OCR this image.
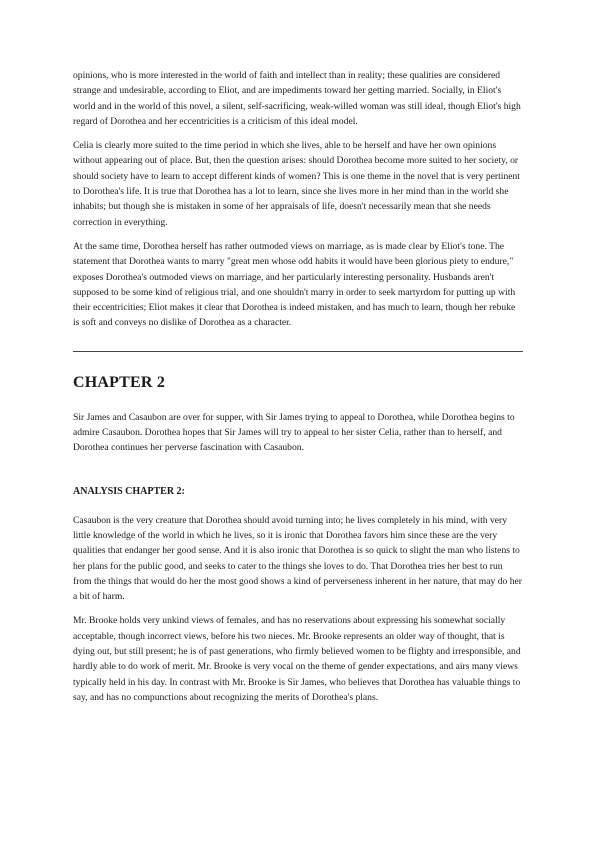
opinions, who is more interested in the world of faith and intellect than in reality; these qualities are considered strange and undesirable, according to Eliot, and are impediments toward her getting married. Socially, in Eliot's world and in the world of this novel, a silent, self-sacrificing, weak-willed woman was still ideal, though Eliot's high regard of Dorothea and her eccentricities is a criticism of this ideal model.

Celia is clearly more suited to the time period in which she lives, able to be herself and have her own opinions without appearing out of place. But, then the question arises: should Dorothea become more suited to her society, or should society have to learn to accept different kinds of women? This is one theme in the novel that is very pertinent to Dorothea's life. It is true that Dorothea has a lot to learn, since she lives more in her mind than in the world she inhabits; but though she is mistaken in some of her appraisals of life, doesn't necessarily mean that she needs correction in everything.

At the same time, Dorothea herself has rather outmoded views on marriage, as is made clear by Eliot's tone. The statement that Dorothea wants to marry "great men whose odd habits it would have been glorious piety to endure," exposes Dorothea's outmoded views on marriage, and her particularly interesting personality. Husbands aren't supposed to be some kind of religious trial, and one shouldn't marry in order to seek martyrdom for putting up with their eccentricities; Eliot makes it clear that Dorothea is indeed mistaken, and has much to learn, though her rebuke is soft and conveys no dislike of Dorothea as a character.

CHAPTER 2

Sir James and Casaubon are over for supper, with Sir James trying to appeal to Dorothea, while Dorothea begins to admire Casaubon. Dorothea hopes that Sir James will try to appeal to her sister Celia, rather than to herself, and Dorothea continues her perverse fascination with Casaubon.

ANALYSIS CHAPTER 2:

Casaubon is the very creature that Dorothea should avoid turning into; he lives completely in his mind, with very little knowledge of the world in which he lives, so it is ironic that Dorothea favors him since these are the very qualities that endanger her good sense. And it is also ironic that Dorothea is so quick to slight the man who listens to her plans for the public good, and seeks to cater to the things she loves to do. That Dorothea tries her best to run from the things that would do her the most good shows a kind of perverseness inherent in her nature, that may do her a bit of harm.

Mr. Brooke holds very unkind views of females, and has no reservations about expressing his somewhat socially acceptable, though incorrect views, before his two nieces. Mr. Brooke represents an older way of thought, that is dying out, but still present; he is of past generations, who firmly believed women to be flighty and irresponsible, and hardly able to do work of merit. Mr. Brooke is very vocal on the theme of gender expectations, and airs many views typically held in his day. In contrast with Mr. Brooke is Sir James, who believes that Dorothea has valuable things to say, and has no compunctions about recognizing the merits of Dorothea's plans.
